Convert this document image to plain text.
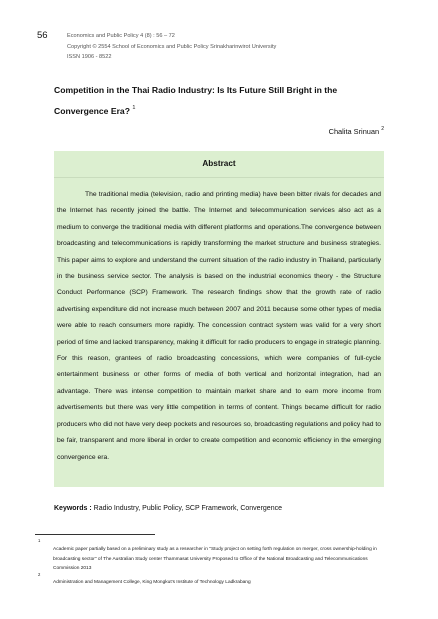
56	Economics and Public Policy 4 (8) : 56 – 72
Copyright © 2554 School of Economics and Public Policy Srinakharinwirot University
ISSN 1906 - 8522
Competition in the Thai Radio Industry: Is Its Future Still Bright in the Convergence Era? $^1$
Chalita Srinuan $^2$
Abstract

The traditional media (television, radio and printing media) have been bitter rivals for decades and the Internet has recently joined the battle. The Internet and telecommunication services also act as a medium to converge the traditional media with different platforms and operations.The convergence between broadcasting and telecommunications is rapidly transforming the market structure and business strategies. This paper aims to explore and understand the current situation of the radio industry in Thailand, particularly in the business service sector. The analysis is based on the industrial economics theory - the Structure Conduct Performance (SCP) Framework. The research findings show that the growth rate of radio advertising expenditure did not increase much between 2007 and 2011 because some other types of media were able to reach consumers more rapidly. The concession contract system was valid for a very short period of time and lacked transparency, making it difficult for radio producers to engage in strategic planning. For this reason, grantees of radio broadcasting concessions, which were companies of full-cycle entertainment business or other forms of media of both vertical and horizontal integration, had an advantage. There was intense competition to maintain market share and to earn more income from advertisements but there was very little competition in terms of content. Things became difficult for radio producers who did not have very deep pockets and resources so, broadcasting regulations and policy had to be fair, transparent and more liberal in order to create competition and economic efficiency in the emerging convergence era.

Keywords : Radio Industry, Public Policy, SCP Framework, Convergence
1
Academic paper partially based on a preliminary study as a researcher in "Study project on setting forth regulation on merger, cross ownership-holding in broadcasting sector" of The Australian Study center Thammasat University Proposed to Office of the National Broadcasting and Telecommunications Commission 2013
2
Administration and Management College, King Mongkut's Institute of Technology Ladkrabang
